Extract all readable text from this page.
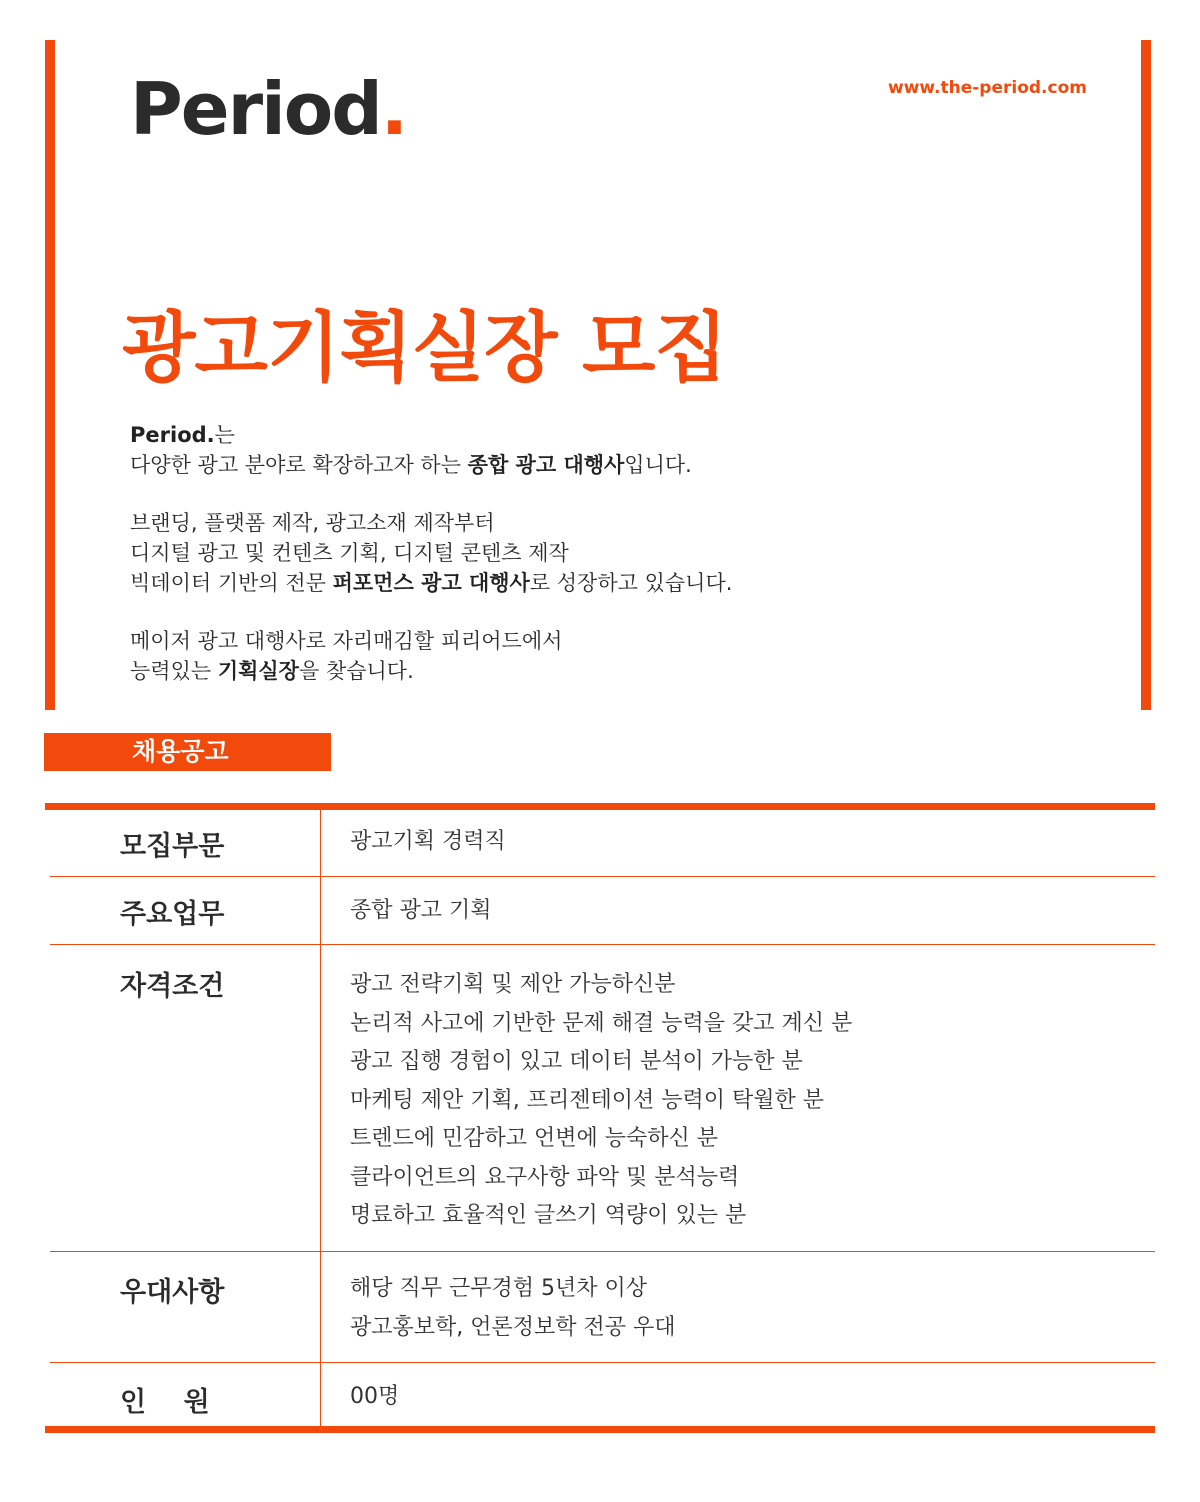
Period.	www.the-period.com
광고기획실장 모집

Period.는
다양한 광고 분야로 확장하고자 하는 종합 광고 대행사입니다.

브랜딩, 플랫폼 제작, 광고소재 제작부터
디지털 광고 및 컨텐츠 기획, 디지털 콘텐츠 제작
빅데이터 기반의 전문 퍼포먼스 광고 대행사로 성장하고 있습니다.

메이저 광고 대행사로 자리매김할 피리어드에서
능력있는 기획실장을 찾습니다.

채용공고
모집부문	광고기획 경력직
주요업무	종합 광고 기획
자격조건	광고 전략기획 및 제안 가능하신분
논리적 사고에 기반한 문제 해결 능력을 갖고 계신 분
광고 집행 경험이 있고 데이터 분석이 가능한 분
마케팅 제안 기획, 프리젠테이션 능력이 탁월한 분
트렌드에 민감하고 언변에 능숙하신 분
클라이언트의 요구사항 파악 및 분석능력
명료하고 효율적인 글쓰기 역량이 있는 분
우대사항	해당 직무 근무경험 5년차 이상
광고홍보학, 언론정보학 전공 우대
인    원	00명
